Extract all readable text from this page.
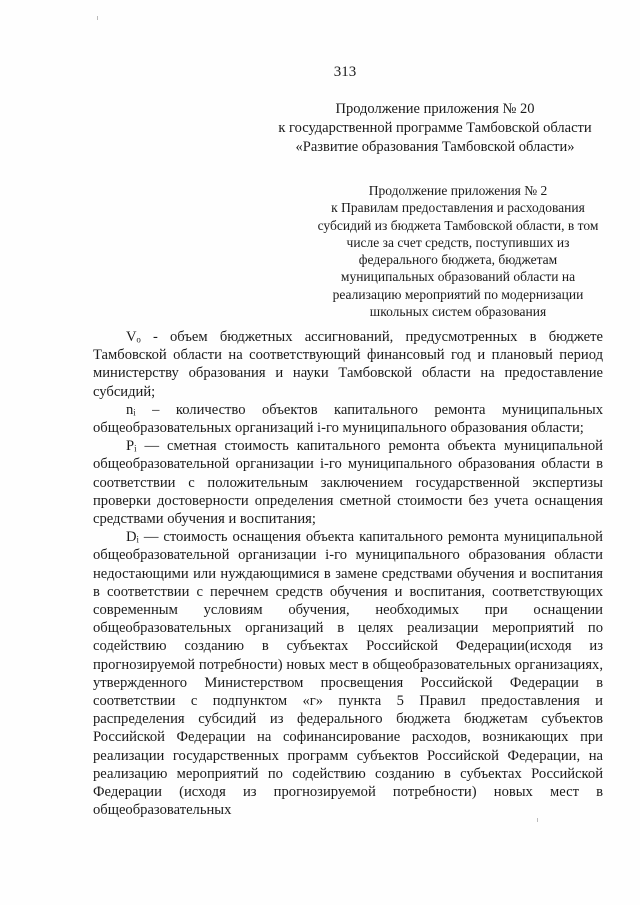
313
Продолжение приложения № 20
к государственной программе Тамбовской области
«Развитие образования Тамбовской области»
Продолжение приложения № 2
к Правилам предоставления и расходования
субсидий из бюджета Тамбовской области, в том
числе за счет средств, поступивших из
федерального бюджета, бюджетам
муниципальных образований области на
реализацию мероприятий по модернизации
школьных систем образования

Vₒ - объем бюджетных ассигнований, предусмотренных в бюджете Тамбовской области на соответствующий финансовый год и плановый период министерству образования и науки Тамбовской области на предоставление субсидий;

nᵢ – количество объектов капитального ремонта муниципальных общеобразовательных организаций i-го муниципального образования области;

Pᵢ — сметная стоимость капитального ремонта объекта муниципальной общеобразовательной организации i-го муниципального образования области в соответствии с положительным заключением государственной экспертизы проверки достоверности определения сметной стоимости без учета оснащения средствами обучения и воспитания;

Dᵢ — стоимость оснащения объекта капитального ремонта муниципальной общеобразовательной организации i-го муниципального образования области недостающими или нуждающимися в замене средствами обучения и воспитания в соответствии с перечнем средств обучения и воспитания, соответствующих современным условиям обучения, необходимых при оснащении общеобразовательных организаций в целях реализации мероприятий по содействию созданию в субъектах Российской Федерации(исходя из прогнозируемой потребности) новых мест в общеобразовательных организациях, утвержденного Министерством просвещения Российской Федерации в соответствии с подпунктом «г» пункта 5 Правил предоставления и распределения субсидий из федерального бюджета бюджетам субъектов Российской Федерации на софинансирование расходов, возникающих при реализации государственных программ субъектов Российской Федерации, на реализацию мероприятий по содействию созданию в субъектах Российской Федерации (исходя из прогнозируемой потребности) новых мест в общеобразовательных
